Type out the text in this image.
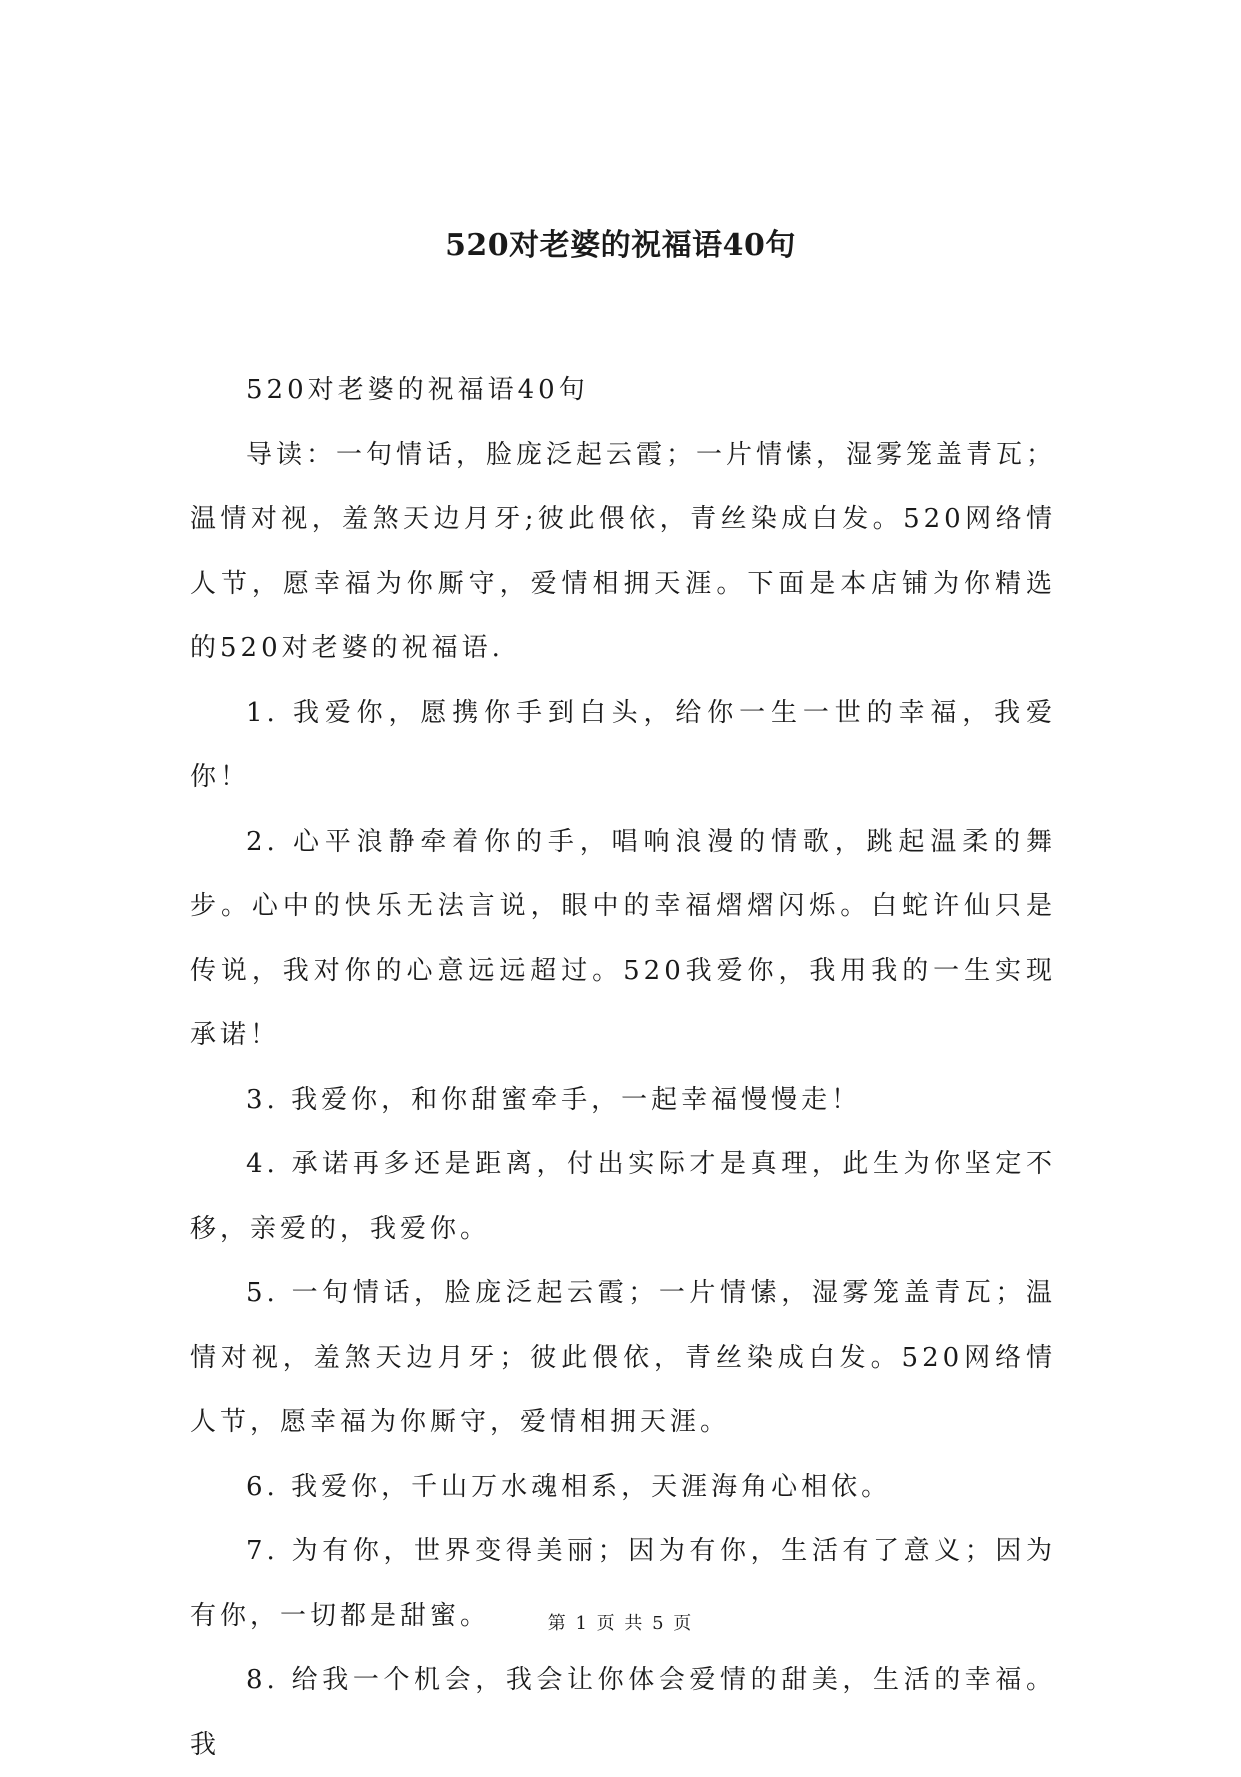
520对老婆的祝福语40句

520对老婆的祝福语40句

导读：一句情话，脸庞泛起云霞；一片情愫，湿雾笼盖青瓦；温情对视，羞煞天边月牙;彼此偎依，青丝染成白发。520网络情人节，愿幸福为你厮守，爱情相拥天涯。下面是本店铺为你精选的520对老婆的祝福语.

1. 我爱你，愿携你手到白头，给你一生一世的幸福，我爱你！

2. 心平浪静牵着你的手，唱响浪漫的情歌，跳起温柔的舞步。心中的快乐无法言说，眼中的幸福熠熠闪烁。白蛇许仙只是传说，我对你的心意远远超过。520我爱你，我用我的一生实现承诺！

3. 我爱你，和你甜蜜牵手，一起幸福慢慢走！

4. 承诺再多还是距离，付出实际才是真理，此生为你坚定不移，亲爱的，我爱你。

5. 一句情话，脸庞泛起云霞；一片情愫，湿雾笼盖青瓦；温情对视，羞煞天边月牙；彼此偎依，青丝染成白发。520网络情人节，愿幸福为你厮守，爱情相拥天涯。

6. 我爱你，千山万水魂相系，天涯海角心相依。

7. 为有你，世界变得美丽；因为有你，生活有了意义；因为有你，一切都是甜蜜。

8. 给我一个机会，我会让你体会爱情的甜美，生活的幸福。我

第 1 页 共 5 页
